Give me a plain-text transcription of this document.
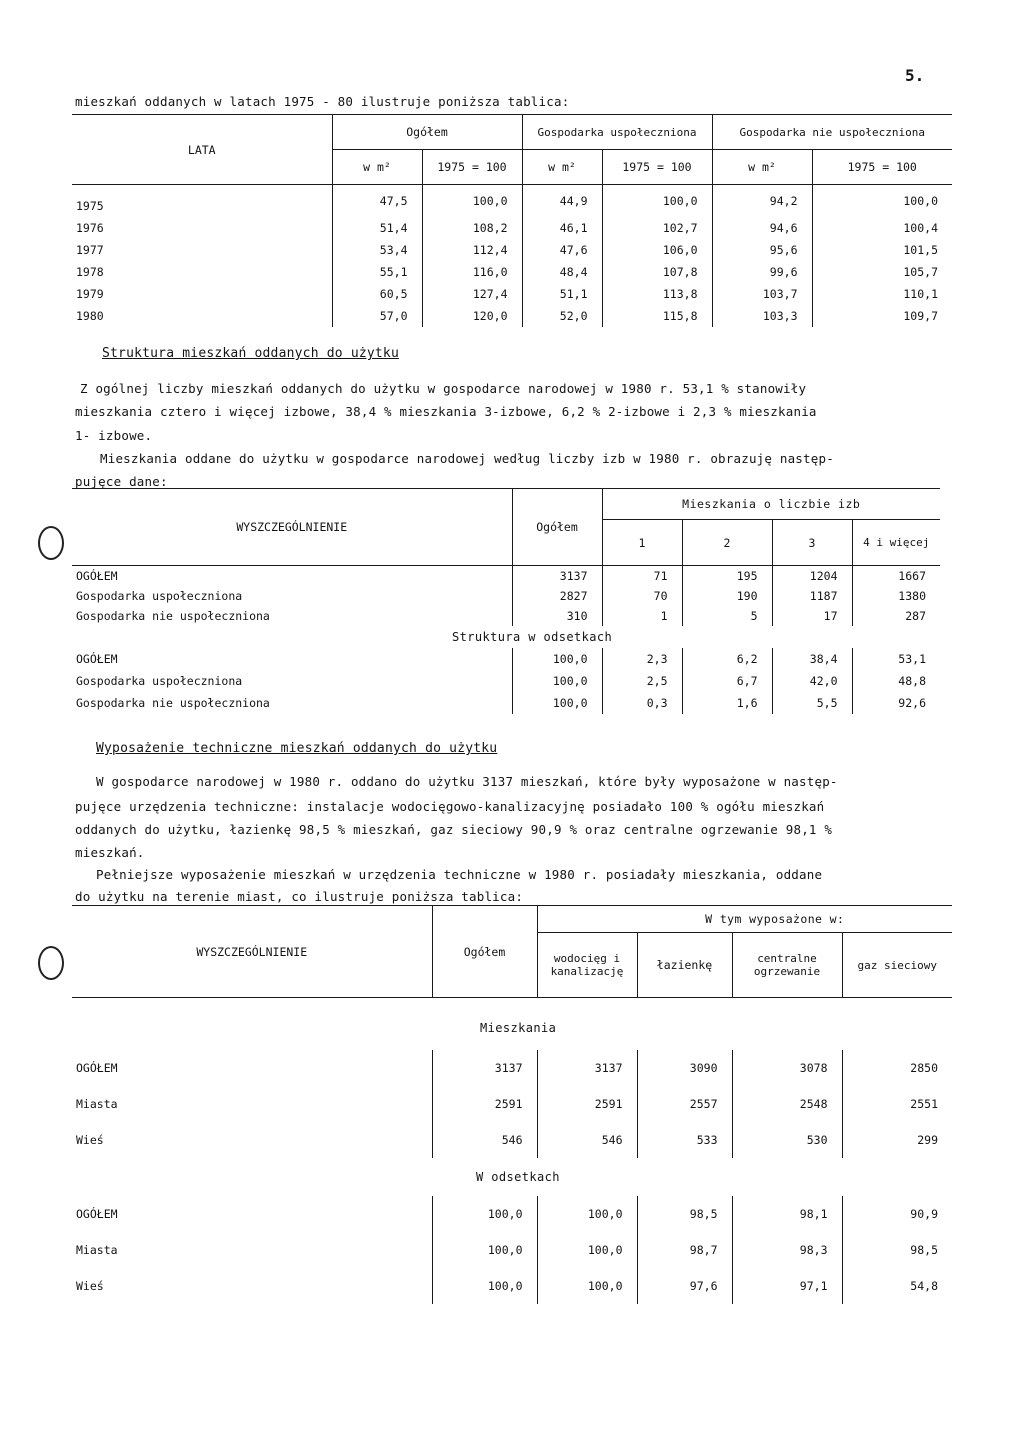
5.
mieszkań oddanych w latach 1975 - 80 ilustruje poniższa tablica:
LATA	Ogółem		Gospodarka uspołeczniona		Gospodarka nie uspołeczniona	
	w m²	1975 = 100	w m²	1975 = 100	w m²	1975 = 100
1975	47,5	100,0	44,9	100,0	94,2	100,0
1976	51,4	108,2	46,1	102,7	94,6	100,4
1977	53,4	112,4	47,6	106,0	95,6	101,5
1978	55,1	116,0	48,4	107,8	99,6	105,7
1979	60,5	127,4	51,1	113,8	103,7	110,1
1980	57,0	120,0	52,0	115,8	103,3	109,7
Struktura mieszkań oddanych do użytku
Z ogólnej liczby mieszkań oddanych do użytku w gospodarce narodowej w 1980 r. 53,1 % stanowiły
mieszkania cztero i więcej izbowe, 38,4 % mieszkania 3-izbowe, 6,2 % 2-izbowe i 2,3 % mieszkania
1- izbowe.
Mieszkania oddane do użytku w gospodarce narodowej według liczby izb w 1980 r. obrazuję następ-
pujęce dane:
WYSZCZEGÓLNIENIE	Ogółem	Mieszkania o liczbie izb			
		1	2	3	4 i więcej
OGÓŁEM	3137	71	195	1204	1667
Gospodarka uspołeczniona	2827	70	190	1187	1380
Gospodarka nie uspołeczniona	310	1	5	17	287
Struktura w odsetkach					
OGÓŁEM	100,0	2,3	6,2	38,4	53,1
Gospodarka uspołeczniona	100,0	2,5	6,7	42,0	48,8
Gospodarka nie uspołeczniona	100,0	0,3	1,6	5,5	92,6
Wyposażenie techniczne mieszkań oddanych do użytku
W gospodarce narodowej w 1980 r. oddano do użytku 3137 mieszkań, które były wyposażone w następ-
pujęce urzędzenia techniczne: instalacje wodocięgowo-kanalizacyjnę posiadało 100 % ogółu mieszkań
oddanych do użytku, łazienkę 98,5 % mieszkań, gaz sieciowy 90,9 % oraz centralne ogrzewanie 98,1 %
mieszkań.
Pełniejsze wyposażenie mieszkań w urzędzenia techniczne w 1980 r. posiadały mieszkania, oddane
do użytku na terenie miast, co ilustruje poniższa tablica:
WYSZCZEGÓLNIENIE	Ogółem	W tym wyposażone w:			
		wodocięg i kanalizację	łazienkę	centralne ogrzewanie	gaz sieciowy
Mieszkania					
OGÓŁEM	3137	3137	3090	3078	2850
Miasta	2591	2591	2557	2548	2551
Wieś	546	546	533	530	299
W odsetkach					
OGÓŁEM	100,0	100,0	98,5	98,1	90,9
Miasta	100,0	100,0	98,7	98,3	98,5
Wieś	100,0	100,0	97,6	97,1	54,8
